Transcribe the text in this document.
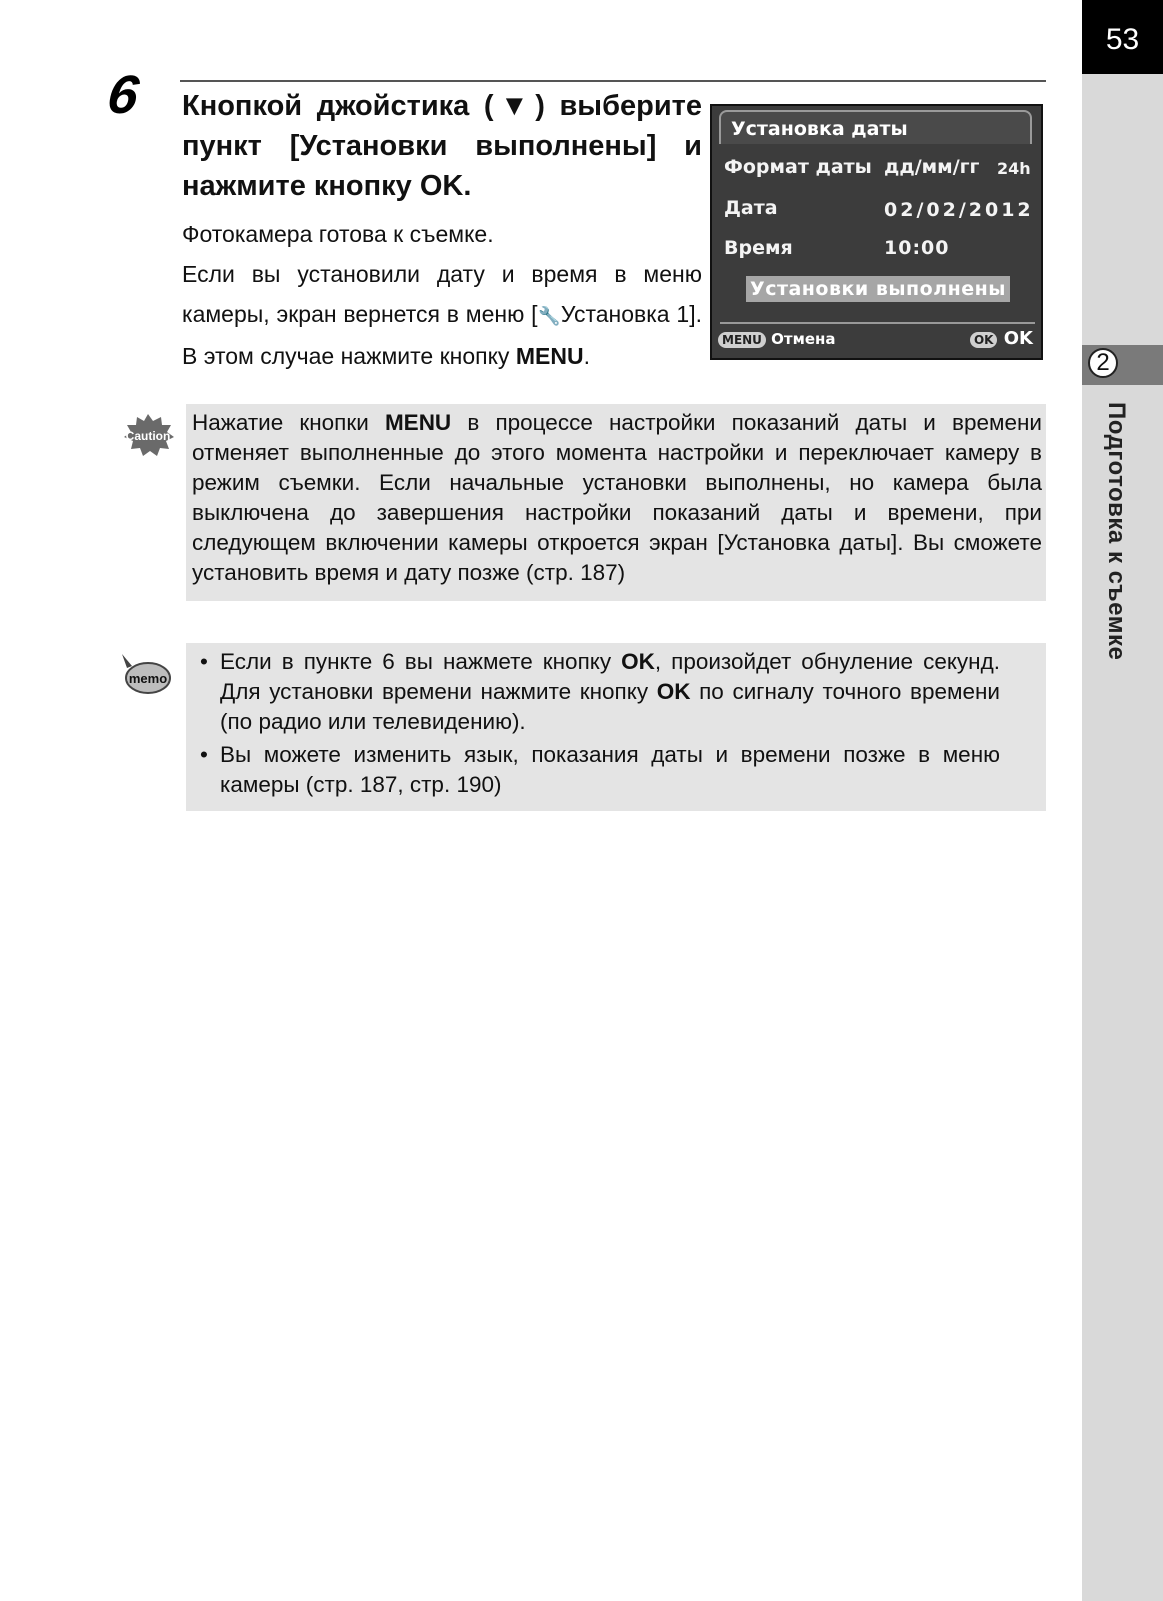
53
2
Подготовка к съемке
6 Кнопкой джойстика (▼) выберите пункт [Установки выполнены] и нажмите кнопку OK.

Фотокамера готова к съемке.

Если вы установили дату и время в меню камеры, экран вернется в меню [🔧Установка 1]. В этом случае нажмите кнопку MENU.

Установка даты
Формат даты дд/мм/гг 24h
Дата	02/02/2012
Время	10:00
Установки выполнены
MENU Отмена	OK OK
Caution

Нажатие кнопки MENU в процессе настройки показаний даты и времени отменяет выполненные до этого момента настройки и переключает камеру в режим съемки. Если начальные установки выполнены, но камера была выключена до завершения настройки показаний даты и времени, при следующем включении камеры откроется экран [Установка даты]. Вы сможете установить время и дату позже (стр. 187)

memo
• Если в пункте 6 вы нажмете кнопку OK, произойдет обнуление секунд. Для установки времени нажмите кнопку OK по сигналу точного времени (по радио или телевидению).
• Вы можете изменить язык, показания даты и времени позже в меню камеры (стр. 187, стр. 190)
